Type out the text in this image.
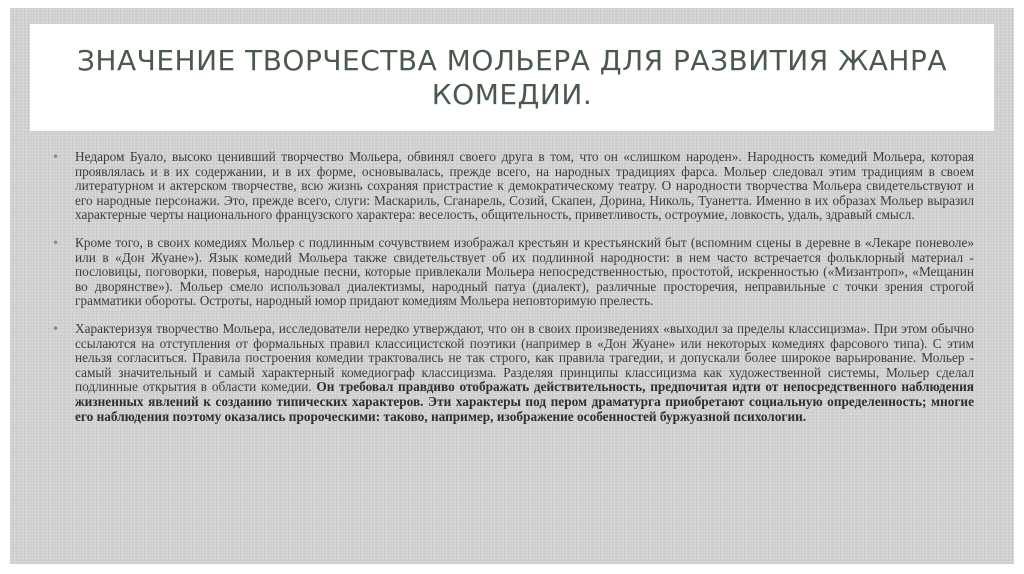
ЗНАЧЕНИЕ ТВОРЧЕСТВА МОЛЬЕРА ДЛЯ РАЗВИТИЯ ЖАНРА КОМЕДИИ.

• Недаром Буало, высоко ценивший творчество Мольера, обвинял своего друга в том, что он «слишком народен». Народность комедий Мольера, которая проявлялась и в их содержании, и в их форме, основывалась, прежде всего, на народных традициях фарса. Мольер следовал этим традициям в своем литературном и актерском творчестве, всю жизнь сохраняя пристрастие к демократическому театру. О народности творчества Мольера свидетельствуют и его народные персонажи. Это, прежде всего, слуги: Маскариль, Сганарель, Созий, Скапен, Дорина, Николь, Туанетта. Именно в их образах Мольер выразил характерные черты национального французского характера: веселость, общительность, приветливость, остроумие, ловкость, удаль, здравый смысл.

• Кроме того, в своих комедиях Мольер с подлинным сочувствием изображал крестьян и крестьянский быт (вспомним сцены в деревне в «Лекаре поневоле» или в «Дон Жуане»). Язык комедий Мольера также свидетельствует об их подлинной народности: в нем часто встречается фольклорный материал - пословицы, поговорки, поверья, народные песни, которые привлекали Мольера непосредственностью, простотой, искренностью («Мизантроп», «Мещанин во дворянстве»). Мольер смело использовал диалектизмы, народный патуа (диалект), различные просторечия, неправильные с точки зрения строгой грамматики обороты. Остроты, народный юмор придают комедиям Мольера неповторимую прелесть.

• Характеризуя творчество Мольера, исследователи нередко утверждают, что он в своих произведениях «выходил за пределы классицизма». При этом обычно ссылаются на отступления от формальных правил классицистской поэтики (например в «Дон Жуане» или некоторых комедиях фарсового типа). С этим нельзя согласиться. Правила построения комедии трактовались не так строго, как правила трагедии, и допускали более широкое варьирование. Мольер - самый значительный и самый характерный комедиограф классицизма. Разделяя принципы классицизма как художественной системы, Мольер сделал подлинные открытия в области комедии. Он требовал правдиво отображать действительность, предпочитая идти от непосредственного наблюдения жизненных явлений к созданию типических характеров. Эти характеры под пером драматурга приобретают социальную определенность; многие его наблюдения поэтому оказались пророческими: таково, например, изображение особенностей буржуазной психологии.
